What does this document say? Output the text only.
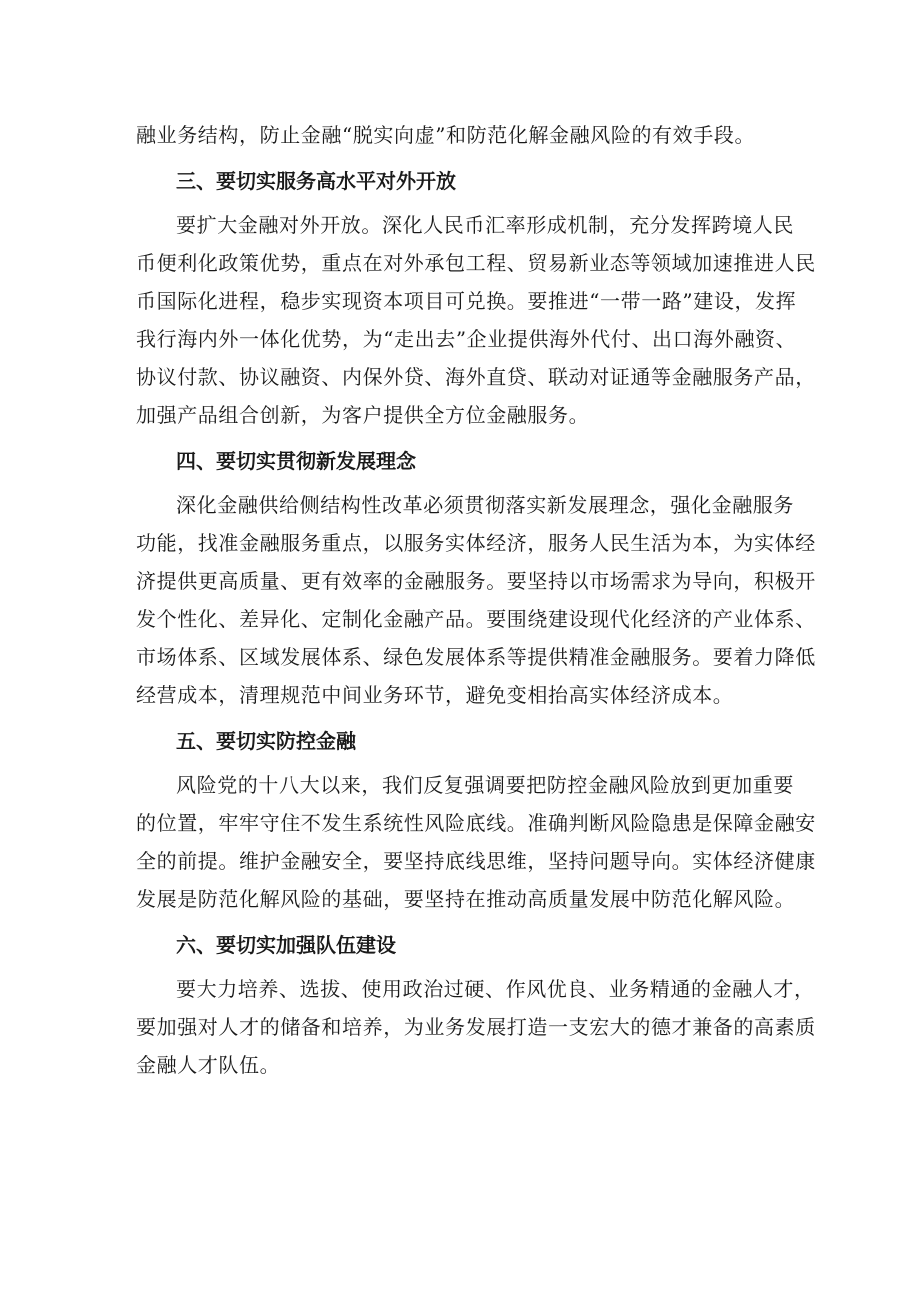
融业务结构，防止金融“脱实向虚”和防范化解金融风险的有效手段。
三、要切实服务高水平对外开放
要扩大金融对外开放。深化人民币汇率形成机制，充分发挥跨境人民
币便利化政策优势，重点在对外承包工程、贸易新业态等领域加速推进人民
币国际化进程，稳步实现资本项目可兑换。要推进“一带一路”建设，发挥
我行海内外一体化优势，为“走出去”企业提供海外代付、出口海外融资、
协议付款、协议融资、内保外贷、海外直贷、联动对证通等金融服务产品，
加强产品组合创新，为客户提供全方位金融服务。
四、要切实贯彻新发展理念
深化金融供给侧结构性改革必须贯彻落实新发展理念，强化金融服务
功能，找准金融服务重点，以服务实体经济，服务人民生活为本，为实体经
济提供更高质量、更有效率的金融服务。要坚持以市场需求为导向，积极开
发个性化、差异化、定制化金融产品。要围绕建设现代化经济的产业体系、
市场体系、区域发展体系、绿色发展体系等提供精准金融服务。要着力降低
经营成本，清理规范中间业务环节，避免变相抬高实体经济成本。
五、要切实防控金融
风险党的十八大以来，我们反复强调要把防控金融风险放到更加重要
的位置，牢牢守住不发生系统性风险底线。准确判断风险隐患是保障金融安
全的前提。维护金融安全，要坚持底线思维，坚持问题导向。实体经济健康
发展是防范化解风险的基础，要坚持在推动高质量发展中防范化解风险。
六、要切实加强队伍建设
要大力培养、选拔、使用政治过硬、作风优良、业务精通的金融人才，
要加强对人才的储备和培养，为业务发展打造一支宏大的德才兼备的高素质
金融人才队伍。
